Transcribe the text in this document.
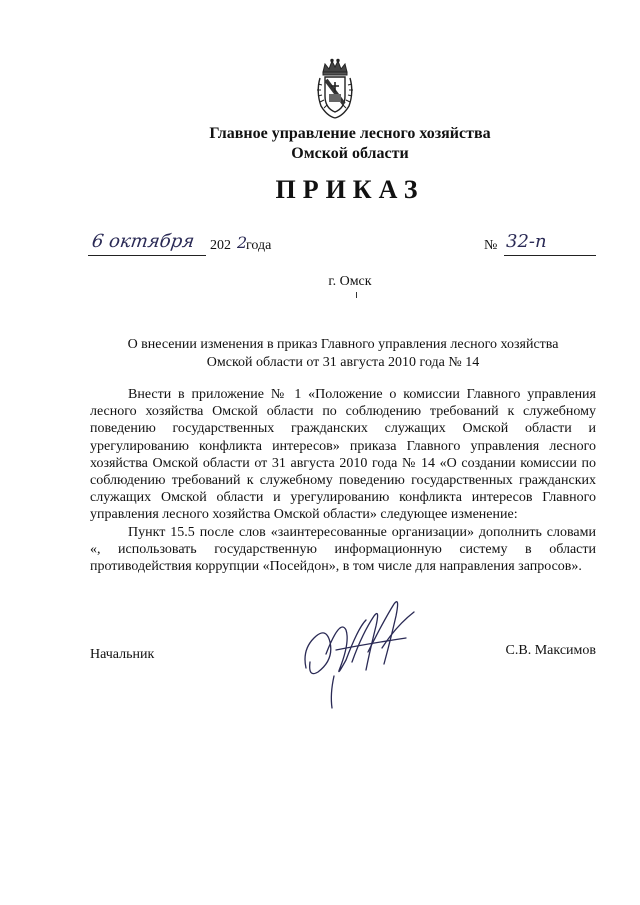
Главное управление лесного хозяйства
Омской области
ПРИКАЗ
6 октября 202 2
года	№ 32-п
г. Омск
О внесении изменения в приказ Главного управления лесного хозяйства
Омской области от 31 августа 2010 года № 14

Внести в приложение № 1 «Положение о комиссии Главного управления лесного хозяйства Омской области по соблюдению требований к служебному поведению государственных гражданских служащих Омской области и урегулированию конфликта интересов» приказа Главного управления лесного хозяйства Омской области от 31 августа 2010 года № 14 «О создании комиссии по соблюдению требований к служебному поведению государственных гражданских служащих Омской области и урегулированию конфликта интересов Главного управления лесного хозяйства Омской области» следующее изменение:

Пункт 15.5 после слов «заинтересованные организации» дополнить словами «, использовать государственную информационную систему в области противодействия коррупции «Посейдон», в том числе для направления запросов».

Начальник	С.В. Максимов
